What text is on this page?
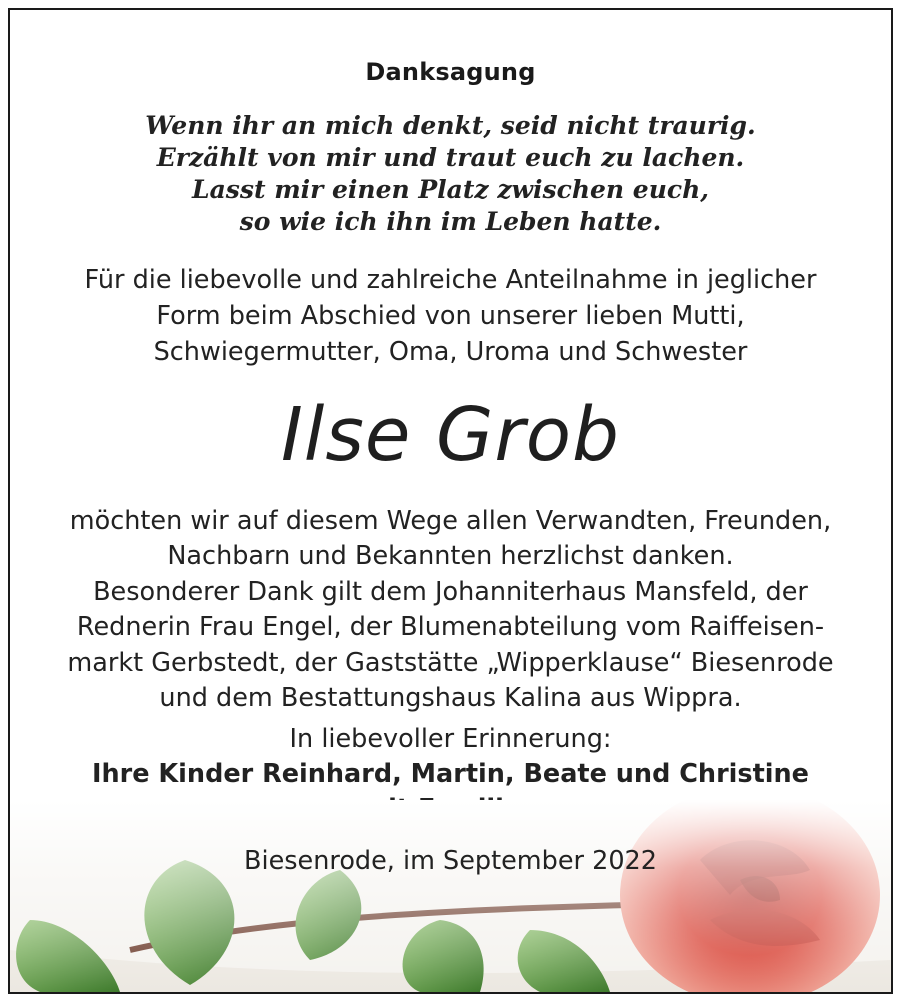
Danksagung
Wenn ihr an mich denkt, seid nicht traurig.
Erzählt von mir und traut euch zu lachen.
Lasst mir einen Platz zwischen euch,
so wie ich ihn im Leben hatte.
Für die liebevolle und zahlreiche Anteilnahme in jeglicher
Form beim Abschied von unserer lieben Mutti,
Schwiegermutter, Oma, Uroma und Schwester
Ilse Grob
möchten wir auf diesem Wege allen Verwandten, Freunden,
Nachbarn und Bekannten herzlichst danken.
Besonderer Dank gilt dem Johanniterhaus Mansfeld, der
Rednerin Frau Engel, der Blumenabteilung vom Raiffeisen-
markt Gerbstedt, der Gaststätte „Wipperklause“ Biesenrode
und dem Bestattungshaus Kalina aus Wippra.
In liebevoller Erinnerung:
Ihre Kinder Reinhard, Martin, Beate und Christine
Biesenrode, im September 2022
